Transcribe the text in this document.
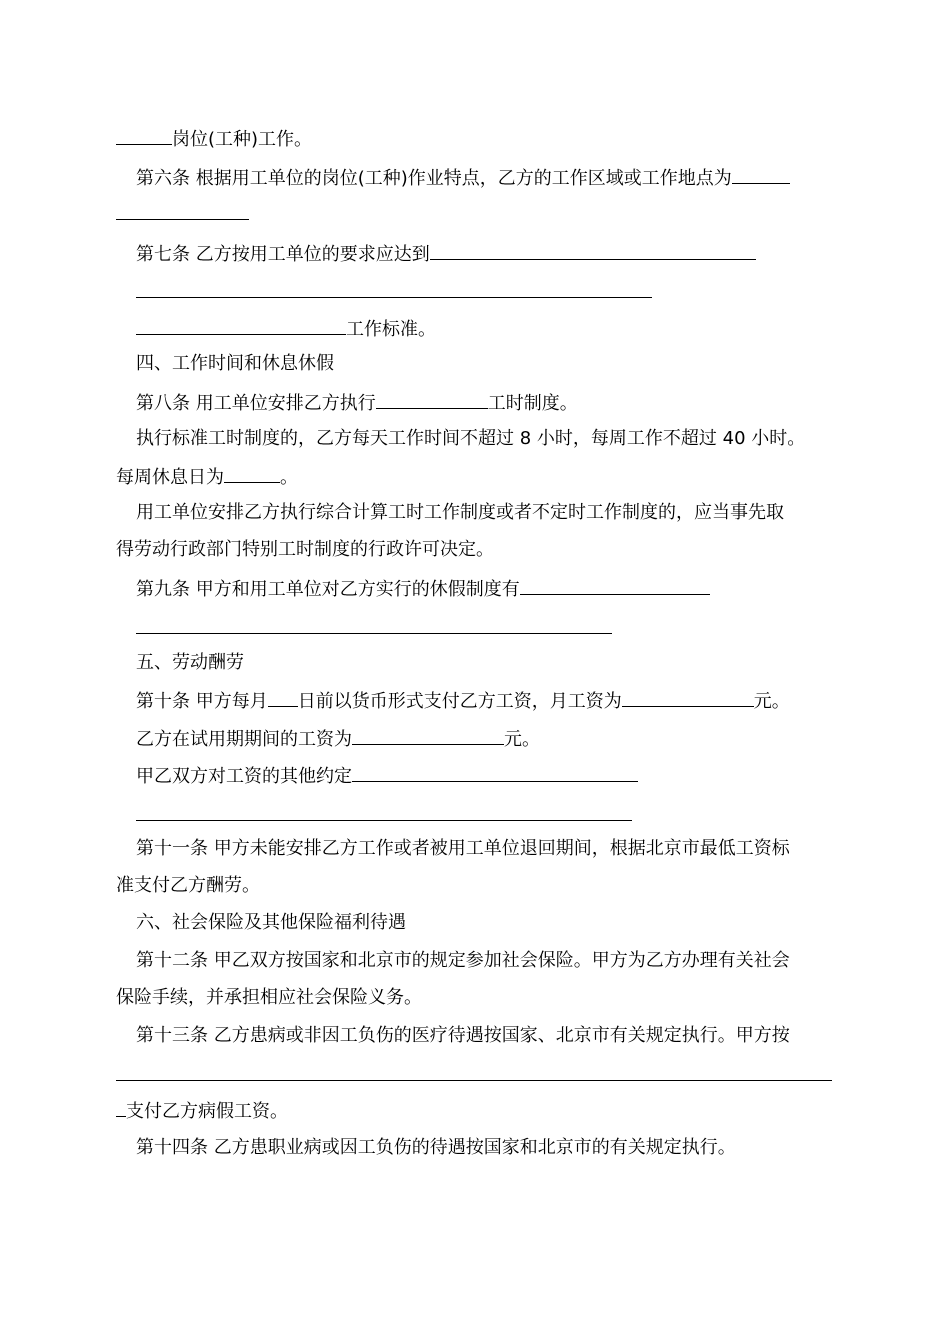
岗位(工种)工作。
第六条 根据用工单位的岗位(工种)作业特点，乙方的工作区域或工作地点为
第七条 乙方按用工单位的要求应达到
工作标准。
四、工作时间和休息休假
第八条 用工单位安排乙方执行	工时制度。
执行标准工时制度的，乙方每天工作时间不超过 8 小时，每周工作不超过 40 小时。
每周休息日为	。
用工单位安排乙方执行综合计算工时工作制度或者不定时工作制度的，应当事先取
得劳动行政部门特别工时制度的行政许可决定。
第九条 甲方和用工单位对乙方实行的休假制度有
五、劳动酬劳
第十条 甲方每月 日前以货币形式支付乙方工资，月工资为	元。
乙方在试用期期间的工资为	元。
甲乙双方对工资的其他约定
第十一条 甲方未能安排乙方工作或者被用工单位退回期间，根据北京市最低工资标
准支付乙方酬劳。
六、社会保险及其他保险福利待遇
第十二条 甲乙双方按国家和北京市的规定参加社会保险。甲方为乙方办理有关社会
保险手续，并承担相应社会保险义务。
第十三条 乙方患病或非因工负伤的医疗待遇按国家、北京市有关规定执行。甲方按
支付乙方病假工资。
第十四条 乙方患职业病或因工负伤的待遇按国家和北京市的有关规定执行。
